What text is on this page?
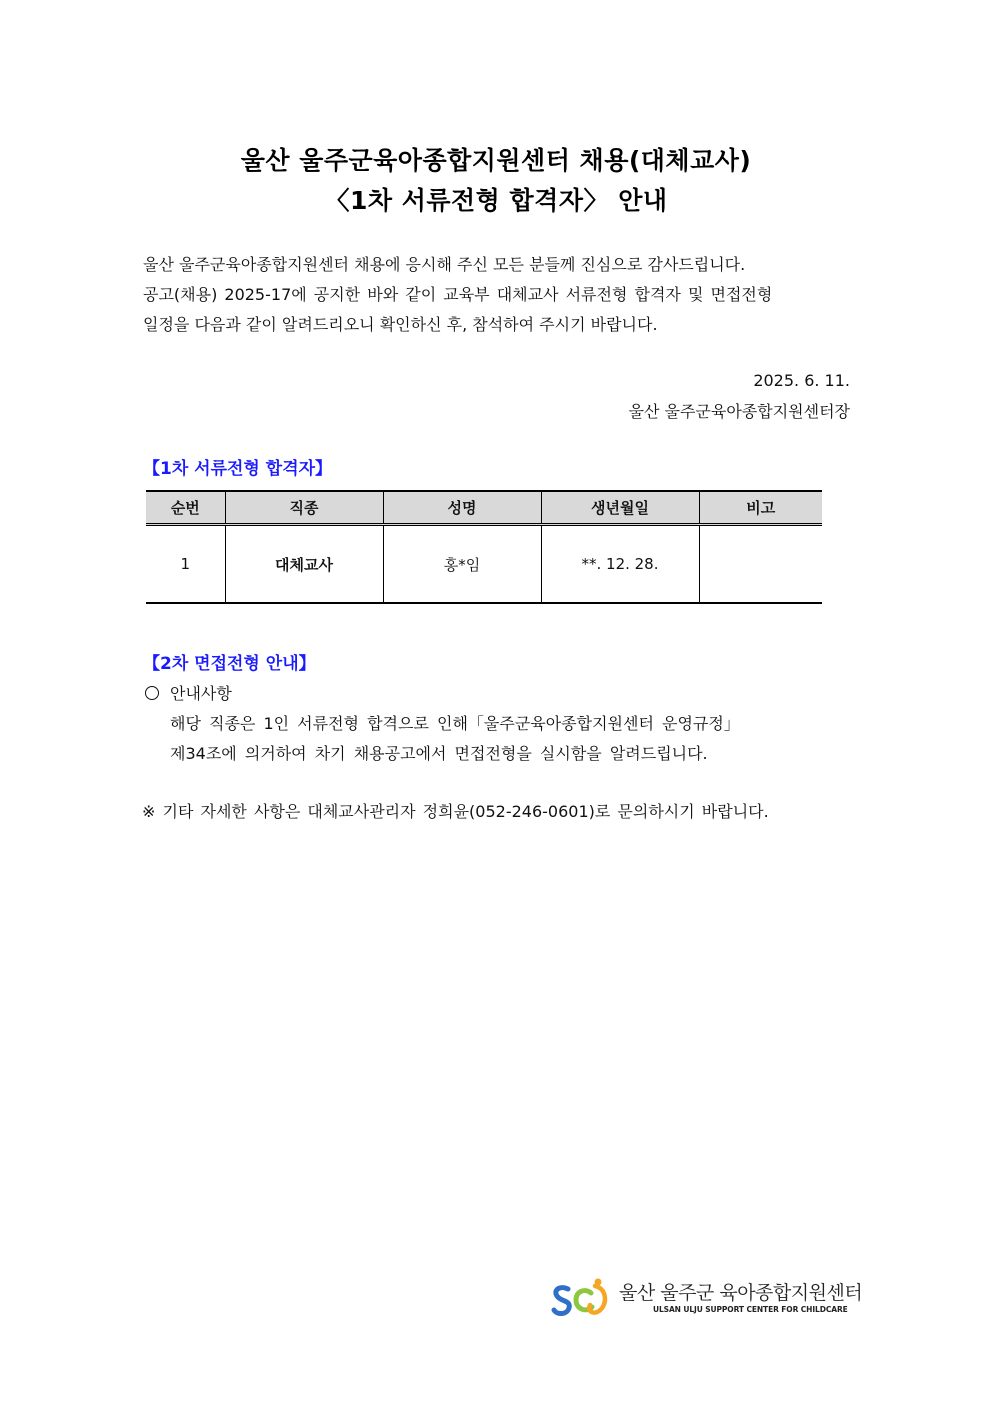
울산 울주군육아종합지원센터 채용(대체교사)
〈1차 서류전형 합격자〉 안내
울산 울주군육아종합지원센터 채용에 응시해 주신 모든 분들께 진심으로 감사드립니다.
공고(채용) 2025-17에 공지한 바와 같이 교육부 대체교사 서류전형 합격자 및 면접전형
일정을 다음과 같이 알려드리오니 확인하신 후, 참석하여 주시기 바랍니다.
2025. 6. 11.
울산 울주군육아종합지원센터장
【1차 서류전형 합격자】
순번	직종	성명	생년월일	비고
1	대체교사	홍*임	**. 12. 28.	
【2차 면접전형 안내】
안내사항
해당 직종은 1인 서류전형 합격으로 인해「울주군육아종합지원센터 운영규정」
제34조에 의거하여 차기 채용공고에서 면접전형을 실시함을 알려드립니다.
※ 기타 자세한 사항은 대체교사관리자 정희윤(052-246-0601)로 문의하시기 바랍니다.
울산 울주군 육아종합지원센터
ULSAN ULJU SUPPORT CENTER FOR CHILDCARE
